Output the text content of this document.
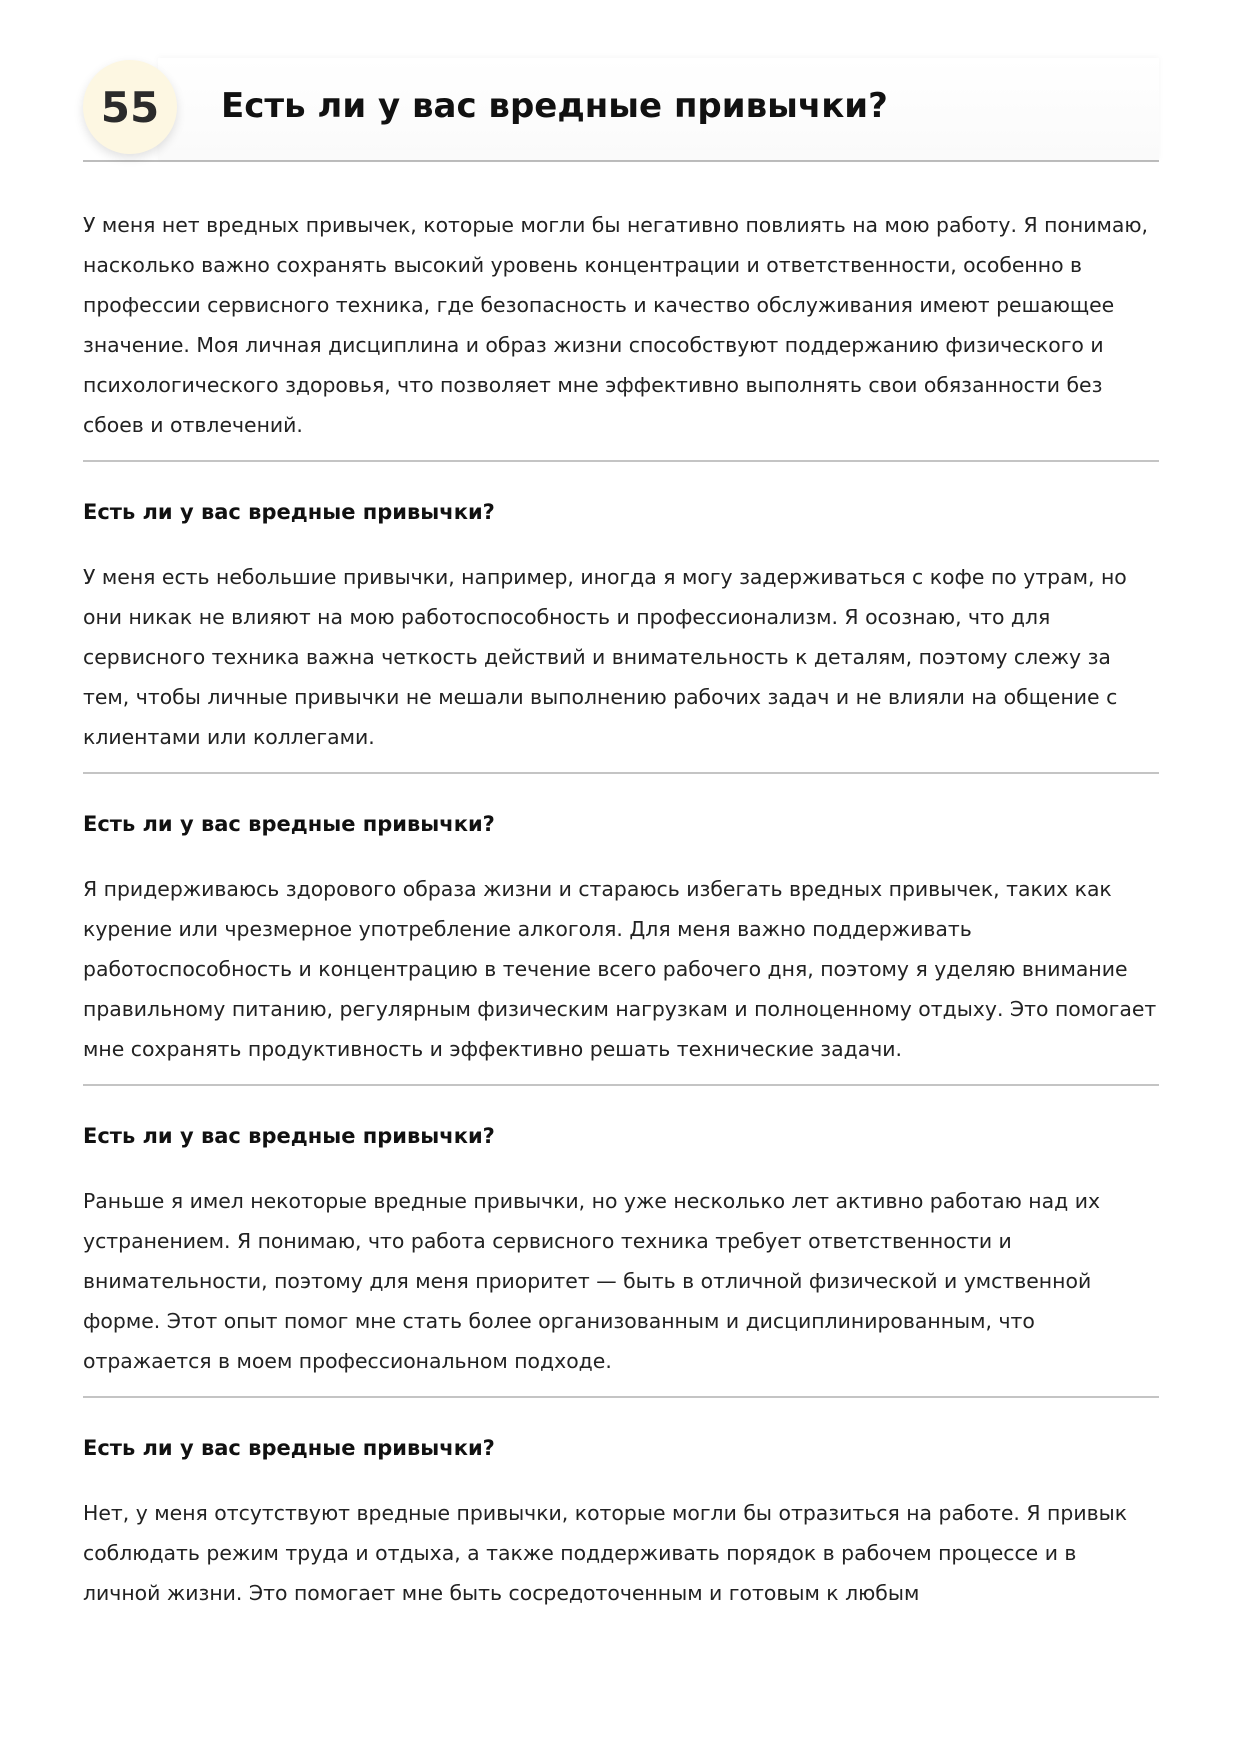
55	Есть ли у вас вредные привычки?

У меня нет вредных привычек, которые могли бы негативно повлиять на мою работу. Я понимаю, насколько важно сохранять высокий уровень концентрации и ответственности, особенно в профессии сервисного техника, где безопасность и качество обслуживания имеют решающее значение. Моя личная дисциплина и образ жизни способствуют поддержанию физического и психологического здоровья, что позволяет мне эффективно выполнять свои обязанности без сбоев и отвлечений.

Есть ли у вас вредные привычки?

У меня есть небольшие привычки, например, иногда я могу задерживаться с кофе по утрам, но они никак не влияют на мою работоспособность и профессионализм. Я осознаю, что для сервисного техника важна четкость действий и внимательность к деталям, поэтому слежу за тем, чтобы личные привычки не мешали выполнению рабочих задач и не влияли на общение с клиентами или коллегами.

Есть ли у вас вредные привычки?

Я придерживаюсь здорового образа жизни и стараюсь избегать вредных привычек, таких как курение или чрезмерное употребление алкоголя. Для меня важно поддерживать работоспособность и концентрацию в течение всего рабочего дня, поэтому я уделяю внимание правильному питанию, регулярным физическим нагрузкам и полноценному отдыху. Это помогает мне сохранять продуктивность и эффективно решать технические задачи.

Есть ли у вас вредные привычки?

Раньше я имел некоторые вредные привычки, но уже несколько лет активно работаю над их устранением. Я понимаю, что работа сервисного техника требует ответственности и внимательности, поэтому для меня приоритет — быть в отличной физической и умственной форме. Этот опыт помог мне стать более организованным и дисциплинированным, что отражается в моем профессиональном подходе.

Есть ли у вас вредные привычки?

Нет, у меня отсутствуют вредные привычки, которые могли бы отразиться на работе. Я привык соблюдать режим труда и отдыха, а также поддерживать порядок в рабочем процессе и в личной жизни. Это помогает мне быть сосредоточенным и готовым к любым
